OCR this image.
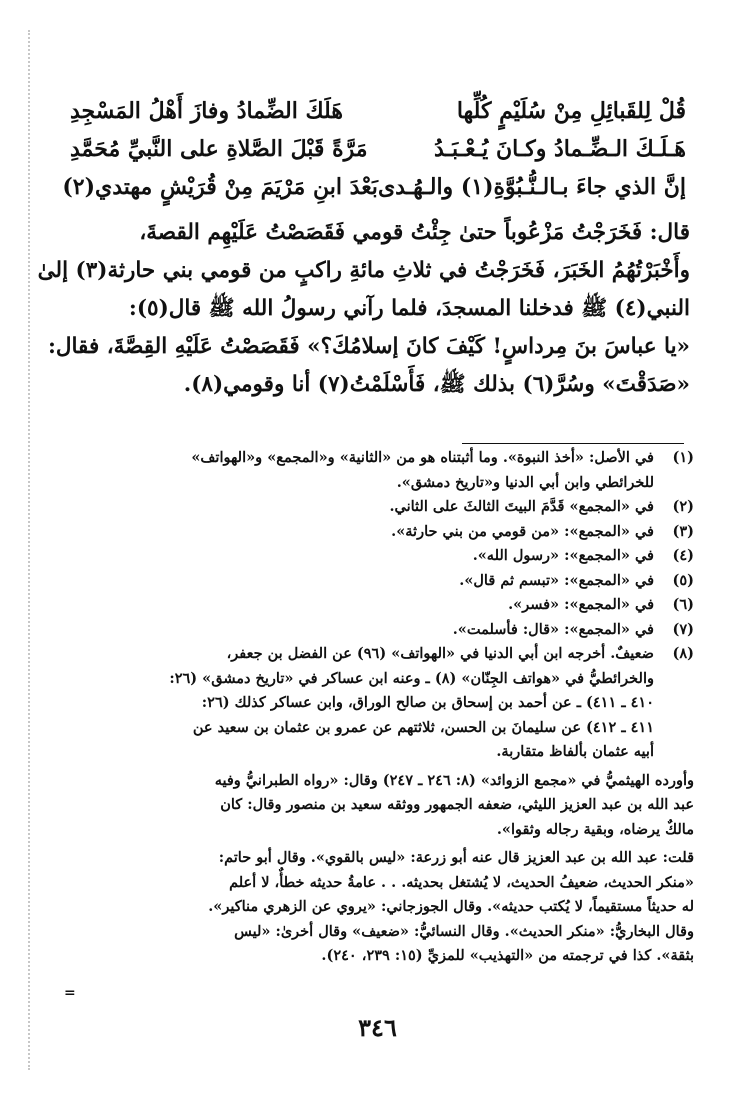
قُلْ لِلقَبائِلِ مِنْ سُلَيْمٍ كُلِّها
هَلَكَ الضِّمادُ وفازَ أَهْلُ المَسْجِدِ
هَـلَـكَ الـضِّـمادُ وكـانَ يُـعْـبَـدُ
مَرَّةً قَبْلَ الصَّلاةِ على النَّبيِّ مُحَمَّدِ
إنَّ الذي جاءَ بـالـنُّـبُوَّةِ(١) والـهُـدى
بَعْدَ ابنِ مَرْيَمَ مِنْ قُرَيْشٍ مهتدي(٢)

قال: فَخَرَجْتُ مَزْعُوباً حتىٰ جِئْتُ قومي فَقَصَصْتُ عَلَيْهِم القصةَ،

وأَخْبَرْتُهُمُ الخَبَرَ، فَخَرَجْتُ في ثلاثِ مائةِ راكبٍ من قومي بني حارثة(٣) إلىٰ

النبي(٤) ﷺ فدخلنا المسجدَ، فلما رآني رسولُ الله ﷺ قال(٥):

«يا عباسَ بنَ مِرداسٍ! كَيْفَ كانَ إسلامُكَ؟» فَقَصَصْتُ عَلَيْهِ القِصَّةَ، فقال:

«صَدَقْتَ» وسُرَّ(٦) بذلك ﷺ، فَأَسْلَمْتُ(٧) أنا وقومي(٨).

(١)
في الأصل: «أخذ النبوة». وما أثبتناه هو من «الثانية» و«المجمع» و«الهواتف»
للخرائطي وابن أبي الدنيا و«تاريخ دمشق».
(٢)
في «المجمع» قَدَّمَ البيتَ الثالثَ على الثاني.
(٣)
في «المجمع»: «من قومي من بني حارثة».
(٤)
في «المجمع»: «رسول الله».
(٥)
في «المجمع»: «تبسم ثم قال».
(٦)
في «المجمع»: «فسر».
(٧)
في «المجمع»: «قال: فأسلمت».
(٨)
ضعيفٌ. أخرجه ابن أبي الدنيا في «الهواتف» (٩٦) عن الفضل بن جعفر،
والخرائطيُّ في «هواتف الجِنّان» (٨) ـ وعنه ابن عساكر في «تاريخ دمشق» (٢٦:
٤١٠ ـ ٤١١) ـ عن أحمد بن إسحاق بن صالح الوراق، وابن عساكر كذلك (٢٦:
٤١١ ـ ٤١٢) عن سليمانَ بن الحسن، ثلاثتهم عن عمرو بن عثمان بن سعيد عن
أبيه عثمان بألفاظ متقاربة.
وأورده الهيثميُّ في «مجمع الزوائد» (٨: ٢٤٦ ـ ٢٤٧) وقال: «رواه الطبرانيُّ وفيه
عبد الله بن عبد العزيز الليثي، ضعفه الجمهور ووثقه سعيد بن منصور وقال: كان
مالكٌ يرضاه، وبقية رجاله وثقوا».
قلت: عبد الله بن عبد العزيز قال عنه أبو زرعة: «ليس بالقوي». وقال أبو حاتم:
«منكر الحديث، ضعيفُ الحديث، لا يُشتغل بحديثه. . . عامةُ حديثه خطأٌ، لا أعلم
له حديثاً مستقيماً، لا يُكتب حديثه». وقال الجوزجاني: «يروي عن الزهري مناكير».
وقال البخاريُّ: «منكر الحديث». وقال النسائيُّ: «ضعيف» وقال أخرىٰ: «ليس
بثقة». كذا في ترجمته من «التهذيب» للمزيِّ (١٥: ٢٣٩، ٢٤٠).
=
٣٤٦
